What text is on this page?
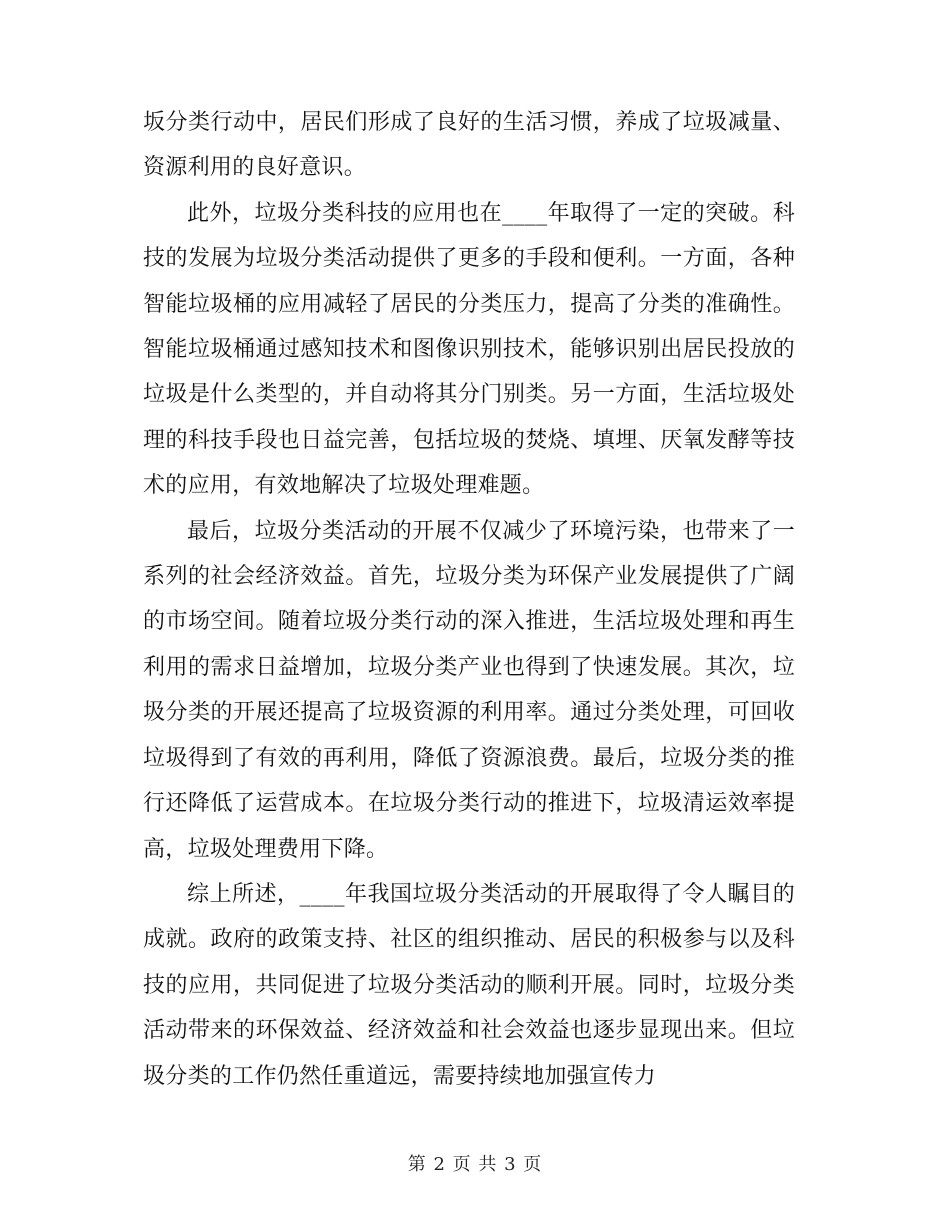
坂分类行动中，居民们形成了良好的生活习惯，养成了垃圾减量、资源利用的良好意识。

此外，垃圾分类科技的应用也在____年取得了一定的突破。科技的发展为垃圾分类活动提供了更多的手段和便利。一方面，各种智能垃圾桶的应用减轻了居民的分类压力，提高了分类的准确性。智能垃圾桶通过感知技术和图像识别技术，能够识别出居民投放的垃圾是什么类型的，并自动将其分门别类。另一方面，生活垃圾处理的科技手段也日益完善，包括垃圾的焚烧、填埋、厌氧发酵等技术的应用，有效地解决了垃圾处理难题。

最后，垃圾分类活动的开展不仅减少了环境污染，也带来了一系列的社会经济效益。首先，垃圾分类为环保产业发展提供了广阔的市场空间。随着垃圾分类行动的深入推进，生活垃圾处理和再生利用的需求日益增加，垃圾分类产业也得到了快速发展。其次，垃圾分类的开展还提高了垃圾资源的利用率。通过分类处理，可回收垃圾得到了有效的再利用，降低了资源浪费。最后，垃圾分类的推行还降低了运营成本。在垃圾分类行动的推进下，垃圾清运效率提高，垃圾处理费用下降。

综上所述，____年我国垃圾分类活动的开展取得了令人瞩目的成就。政府的政策支持、社区的组织推动、居民的积极参与以及科技的应用，共同促进了垃圾分类活动的顺利开展。同时，垃圾分类活动带来的环保效益、经济效益和社会效益也逐步显现出来。但垃圾分类的工作仍然任重道远，需要持续地加强宣传力

第 2 页 共 3 页
